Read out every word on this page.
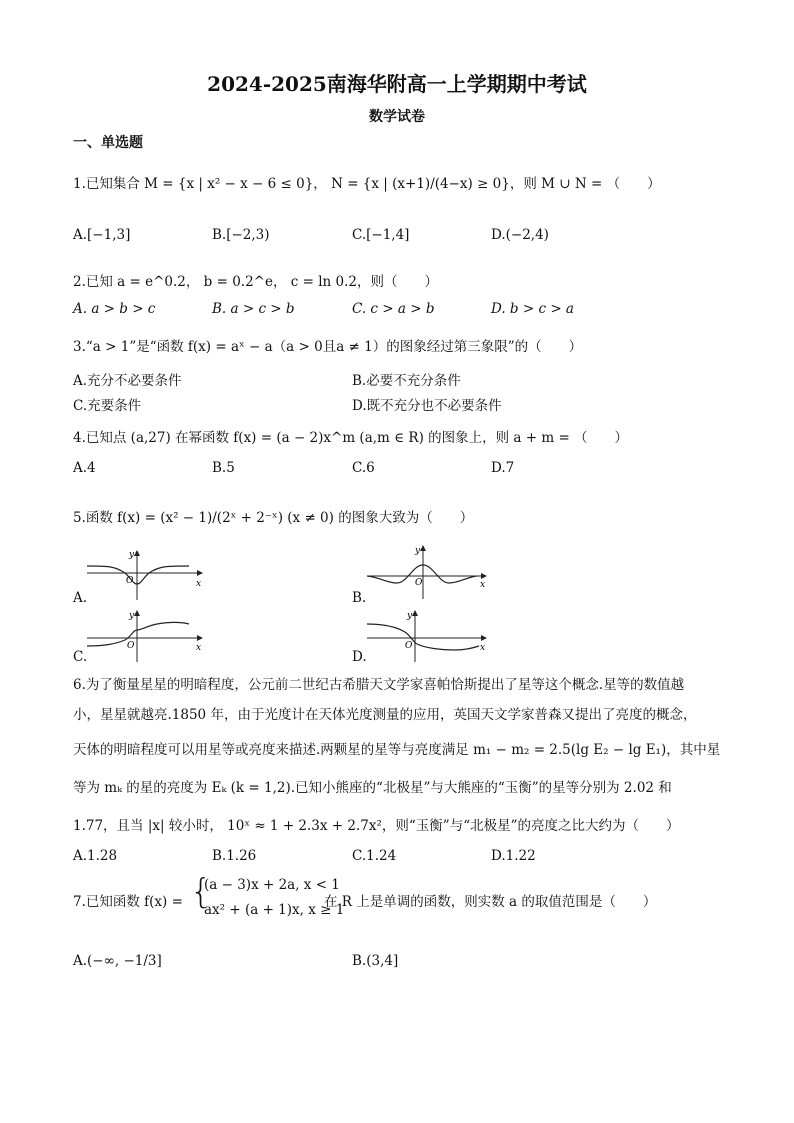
2024-2025南海华附高一上学期期中考试
数学试卷
一、单选题
1.已知集合 M = {x | x² − x − 6 ≤ 0}， N = {x | (x+1)/(4−x) ≥ 0}，则 M ∪ N = （　　）
A.[−1,3]	B.[−2,3)	C.[−1,4]	D.(−2,4)
2.已知 a = e^0.2， b = 0.2^e， c = ln 0.2，则（　　）
A. a > b > c	B. a > c > b	C. c > a > b	D. b > c > a
3.“a > 1”是“函数 f(x) = aˣ − a（a > 0且a ≠ 1）的图象经过第三象限”的（　　）
A.充分不必要条件	B.必要不充分条件
C.充要条件	D.既不充分也不必要条件
4.已知点 (a,27) 在幂函数 f(x) = (a − 2)x^m (a,m ∈ R) 的图象上，则 a + m = （　　）
A.4	B.5	C.6	D.7
5.函数 f(x) = (x² − 1)/(2ˣ + 2⁻ˣ) (x ≠ 0) 的图象大致为（　　）
A.
y
x
O
B.
y
x
O
C.
y
x
O
D.
y
x
O
6.为了衡量星星的明暗程度，公元前二世纪古希腊天文学家喜帕恰斯提出了星等这个概念.星等的数值越
小，星星就越亮.1850 年，由于光度计在天体光度测量的应用，英国天文学家普森又提出了亮度的概念，
天体的明暗程度可以用星等或亮度来描述.两颗星的星等与亮度满足 m₁ − m₂ = 2.5(lg E₂ − lg E₁)，其中星
等为 mₖ 的星的亮度为 Eₖ (k = 1,2).已知小熊座的“北极星”与大熊座的“玉衡”的星等分别为 2.02 和
1.77，且当 |x| 较小时， 10ˣ ≈ 1 + 2.3x + 2.7x²，则“玉衡”与“北极星”的亮度之比大约为（　　）
A.1.28	B.1.26	C.1.24	D.1.22
7.已知函数 f(x) = {
(a − 3)x + 2a, x < 1
ax² + (a + 1)x, x ≥ 1
在 R 上是单调的函数，则实数 a 的取值范围是（　　）
A.(−∞, −1/3]	B.(3,4]
